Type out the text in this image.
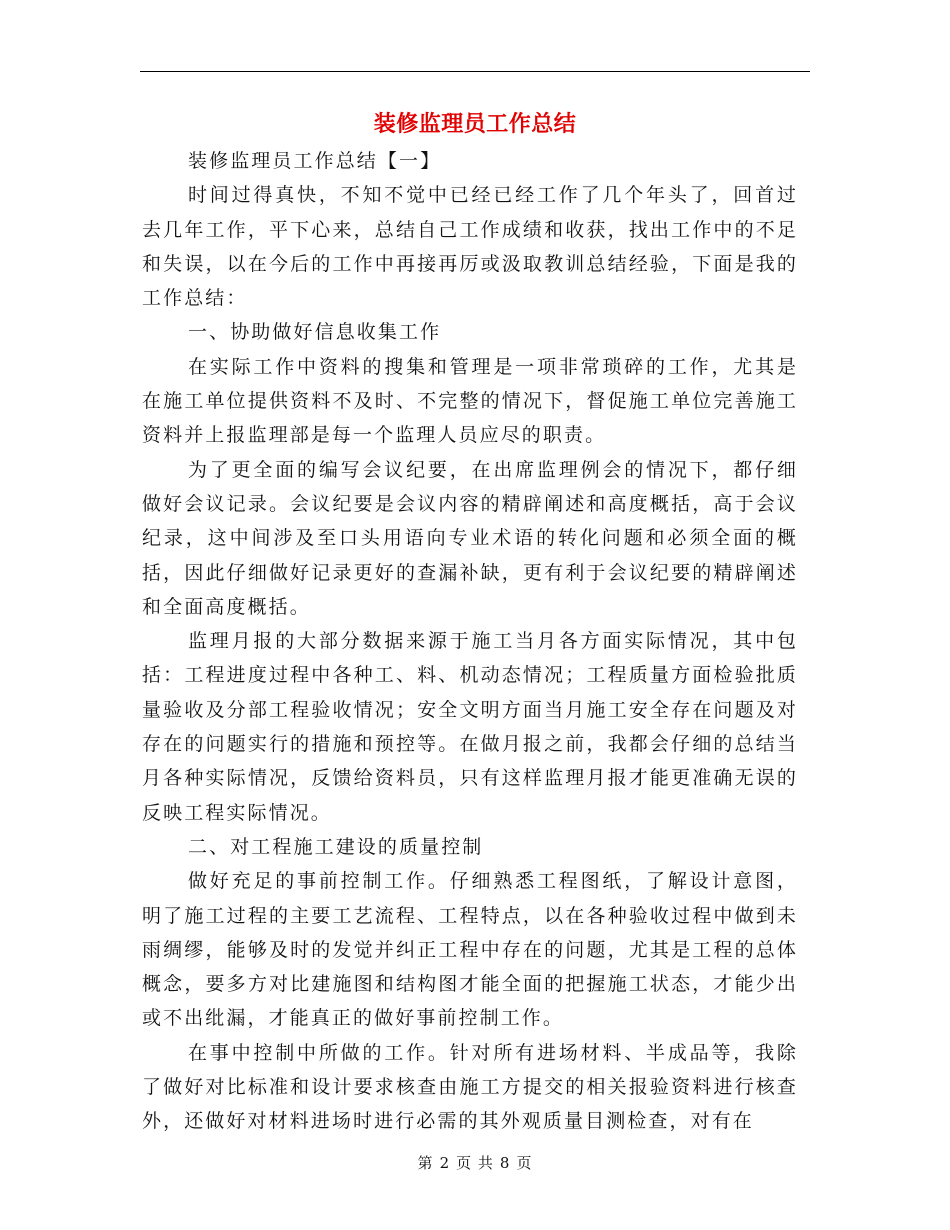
装修监理员工作总结

装修监理员工作总结【一】

时间过得真快，不知不觉中已经已经工作了几个年头了，回首过去几年工作，平下心来，总结自己工作成绩和收获，找出工作中的不足和失误，以在今后的工作中再接再厉或汲取教训总结经验，下面是我的工作总结：

一、协助做好信息收集工作

在实际工作中资料的搜集和管理是一项非常琐碎的工作，尤其是在施工单位提供资料不及时、不完整的情况下，督促施工单位完善施工资料并上报监理部是每一个监理人员应尽的职责。

为了更全面的编写会议纪要，在出席监理例会的情况下，都仔细做好会议记录。会议纪要是会议内容的精辟阐述和高度概括，高于会议纪录，这中间涉及至口头用语向专业术语的转化问题和必须全面的概括，因此仔细做好记录更好的查漏补缺，更有利于会议纪要的精辟阐述和全面高度概括。

监理月报的大部分数据来源于施工当月各方面实际情况，其中包括：工程进度过程中各种工、料、机动态情况；工程质量方面检验批质量验收及分部工程验收情况；安全文明方面当月施工安全存在问题及对存在的问题实行的措施和预控等。在做月报之前，我都会仔细的总结当月各种实际情况，反馈给资料员，只有这样监理月报才能更准确无误的反映工程实际情况。

二、对工程施工建设的质量控制

做好充足的事前控制工作。仔细熟悉工程图纸，了解设计意图，明了施工过程的主要工艺流程、工程特点，以在各种验收过程中做到未雨绸缪，能够及时的发觉并纠正工程中存在的问题，尤其是工程的总体概念，要多方对比建施图和结构图才能全面的把握施工状态，才能少出或不出纰漏，才能真正的做好事前控制工作。

在事中控制中所做的工作。针对所有进场材料、半成品等，我除了做好对比标准和设计要求核查由施工方提交的相关报验资料进行核查外，还做好对材料进场时进行必需的其外观质量目测检查，对有在

第 2 页 共 8 页
